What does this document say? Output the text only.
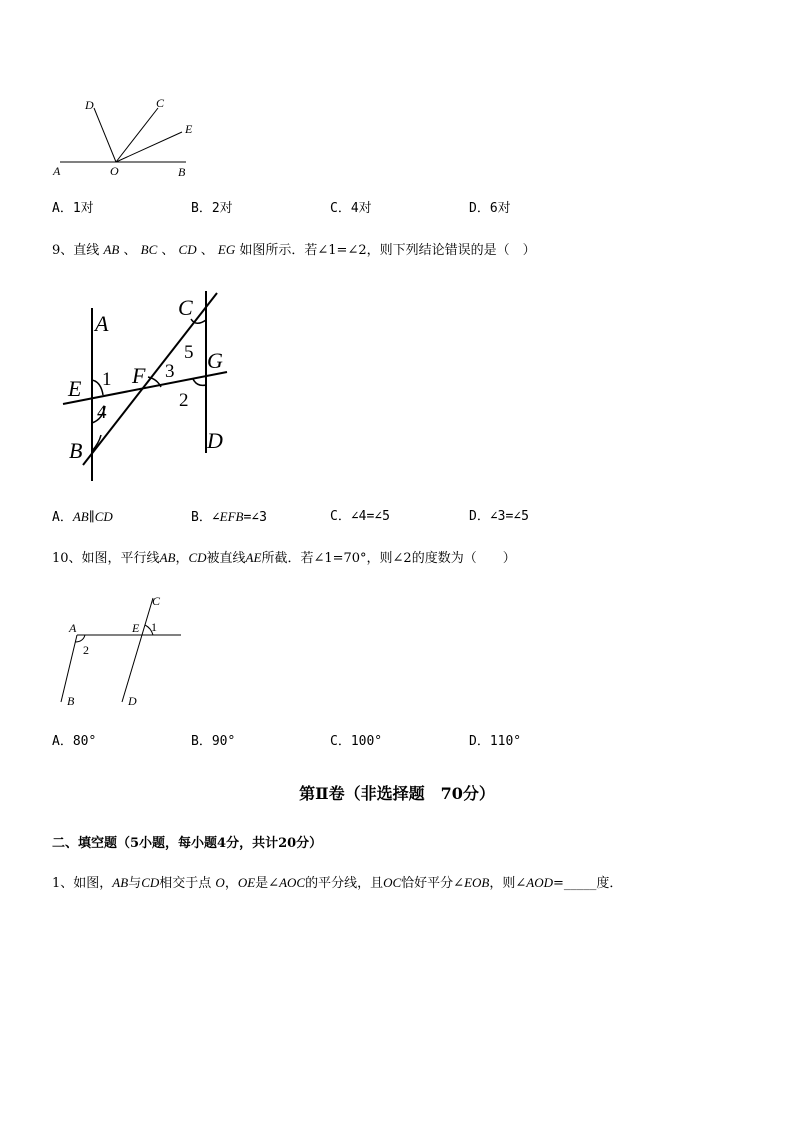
D	C
E
A	O	B
A．1对	B．2对	C．4对	D．6对
9、直线 AB 、 BC 、 CD 、 EG 如图所示．若∠1=∠2，则下列结论错误的是（　）
A
C
G
E
F
B	D
1
4
3
5
2
A．AB∥CD	B．∠EFB=∠3	C．∠4=∠5	D．∠3=∠5
10、如图，平行线AB，CD被直线AE所截．若∠1=70°，则∠2的度数为（　　）
A	E
C
B	D
1
2
A．80°	B．90°	C．100°	D．110°
第Ⅱ卷（非选择题　70分）
二、填空题（5小题，每小题4分，共计20分）
1、如图，AB与CD相交于点 O，OE是∠AOC的平分线，且OC恰好平分∠EOB，则∠AOD=_____度．
